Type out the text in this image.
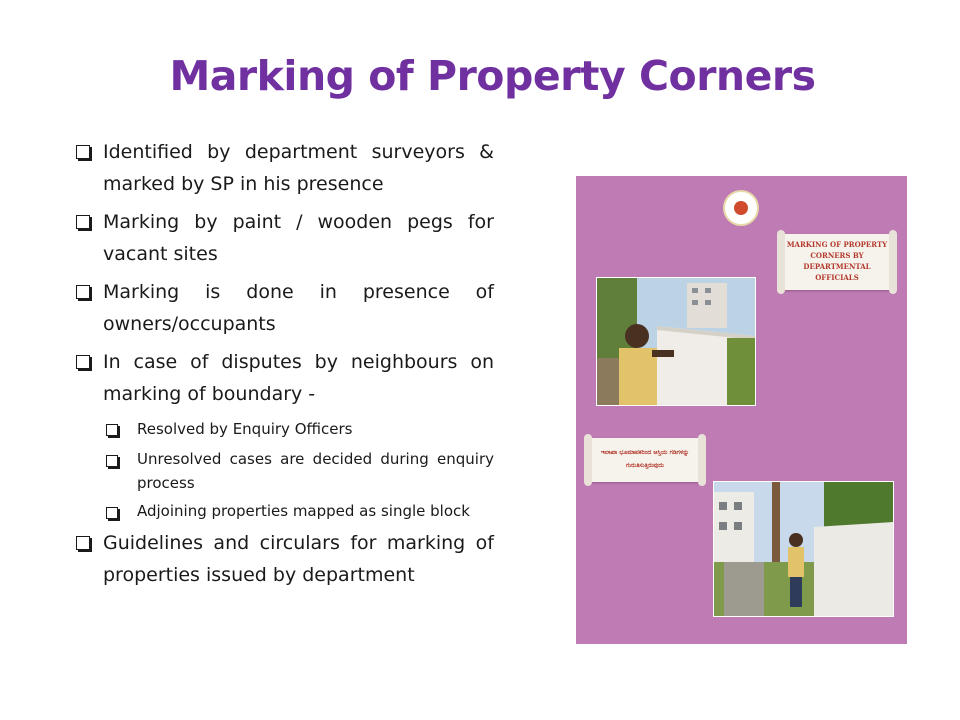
Marking of Property Corners
Identified by department surveyors & marked by SP in his presence
Marking by paint / wooden pegs for vacant sites
Marking is done in presence of owners/occupants
In case of disputes by neighbours on marking of boundary -
Resolved by Enquiry Officers
Unresolved cases are decided during enquiry process
Adjoining properties mapped as single block
Guidelines and circulars for marking of properties issued by department
MARKING OF PROPERTY CORNERS BY DEPARTMENTAL OFFICIALS
ಇಲಾಖಾ ಭೂಮಾಪಕರಿಂದ ಆಸ್ತಿಯ ಗಡಿಗಳನ್ನು ಗುರುತಿಸುತ್ತಿರುವುದು
